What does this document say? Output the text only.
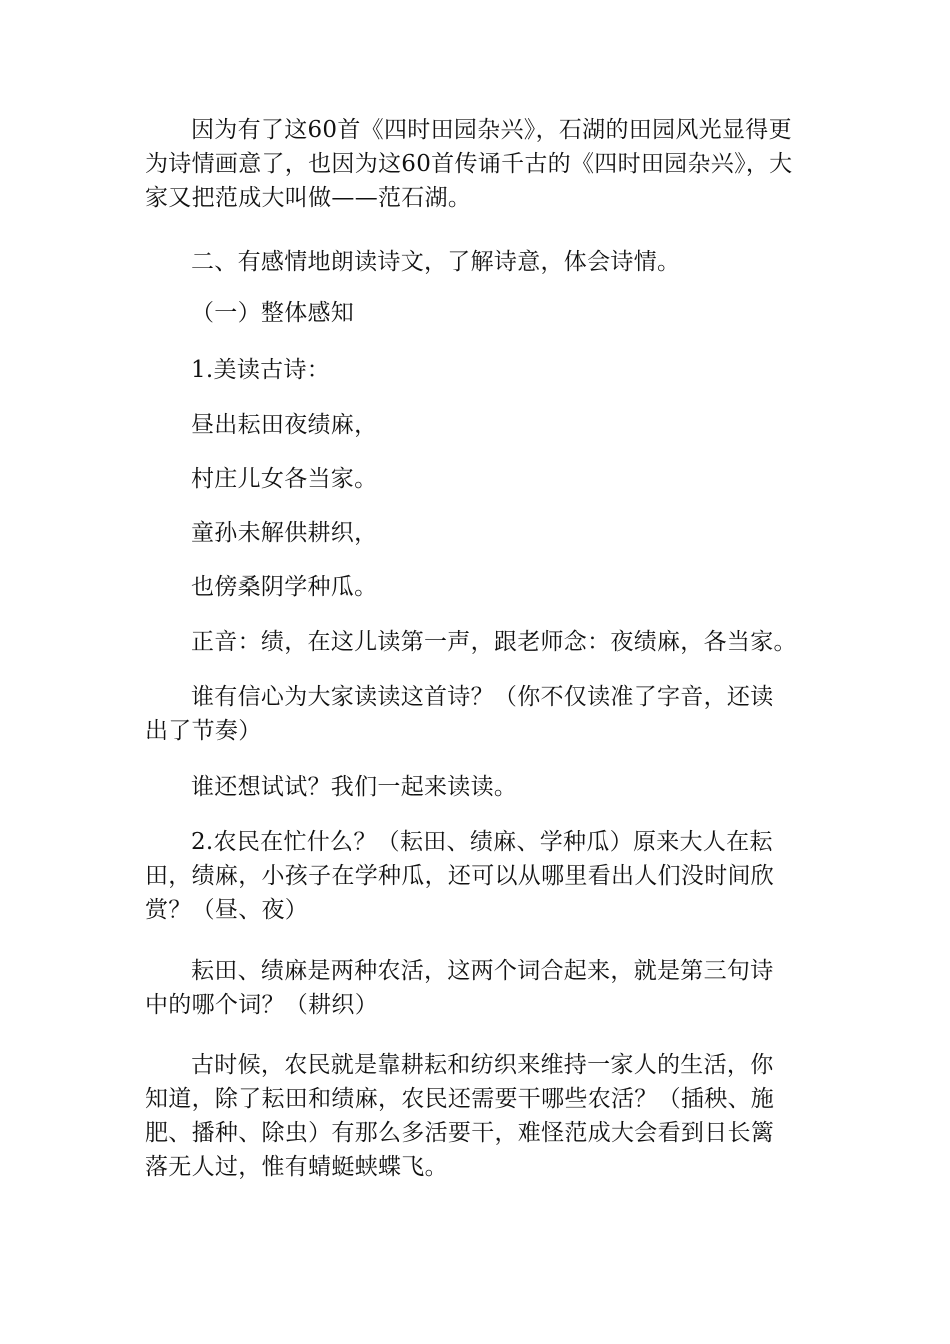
因为有了这60首《四时田园杂兴》，石湖的田园风光显得更为诗情画意了，也因为这60首传诵千古的《四时田园杂兴》，大家又把范成大叫做——范石湖。

二、有感情地朗读诗文，了解诗意，体会诗情。

（一）整体感知

1.美读古诗：

昼出耘田夜绩麻，

村庄儿女各当家。

童孙未解供耕织，

也傍桑阴学种瓜。

正音：绩，在这儿读第一声，跟老师念：夜绩麻，各当家。

谁有信心为大家读读这首诗？（你不仅读准了字音，还读出了节奏）

谁还想试试？我们一起来读读。

2.农民在忙什么？（耘田、绩麻、学种瓜）原来大人在耘田，绩麻，小孩子在学种瓜，还可以从哪里看出人们没时间欣赏？（昼、夜）

耘田、绩麻是两种农活，这两个词合起来，就是第三句诗中的哪个词？（耕织）

古时候，农民就是靠耕耘和纺织来维持一家人的生活，你知道，除了耘田和绩麻，农民还需要干哪些农活？（插秧、施肥、播种、除虫）有那么多活要干，难怪范成大会看到日长篱落无人过，惟有蜻蜓蛱蝶飞。
